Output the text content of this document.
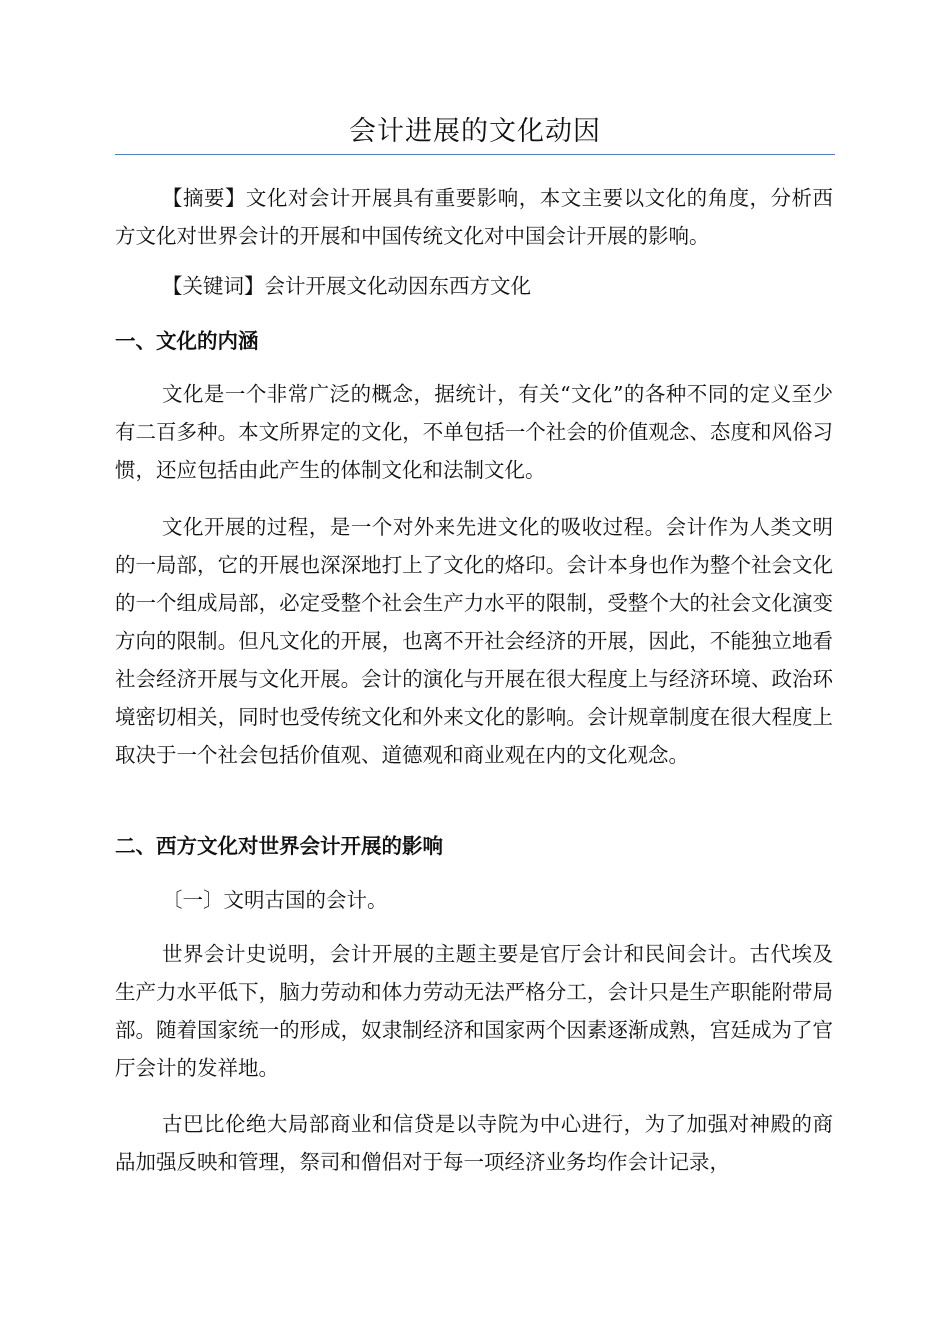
会计进展的文化动因

【摘要】文化对会计开展具有重要影响，本文主要以文化的角度，分析西方文化对世界会计的开展和中国传统文化对中国会计开展的影响。

【关键词】会计开展文化动因东西方文化

一、文化的内涵

文化是一个非常广泛的概念，据统计，有关“文化”的各种不同的定义至少有二百多种。本文所界定的文化，不单包括一个社会的价值观念、态度和风俗习惯，还应包括由此产生的体制文化和法制文化。

文化开展的过程，是一个对外来先进文化的吸收过程。会计作为人类文明的一局部，它的开展也深深地打上了文化的烙印。会计本身也作为整个社会文化的一个组成局部，必定受整个社会生产力水平的限制，受整个大的社会文化演变方向的限制。但凡文化的开展，也离不开社会经济的开展，因此，不能独立地看社会经济开展与文化开展。会计的演化与开展在很大程度上与经济环境、政治环境密切相关，同时也受传统文化和外来文化的影响。会计规章制度在很大程度上取决于一个社会包括价值观、道德观和商业观在内的文化观念。

二、西方文化对世界会计开展的影响

〔一〕文明古国的会计。

世界会计史说明，会计开展的主题主要是官厅会计和民间会计。古代埃及生产力水平低下，脑力劳动和体力劳动无法严格分工，会计只是生产职能附带局部。随着国家统一的形成，奴隶制经济和国家两个因素逐渐成熟，宫廷成为了官厅会计的发祥地。

古巴比伦绝大局部商业和信贷是以寺院为中心进行，为了加强对神殿的商品加强反映和管理，祭司和僧侣对于每一项经济业务均作会计记录，
